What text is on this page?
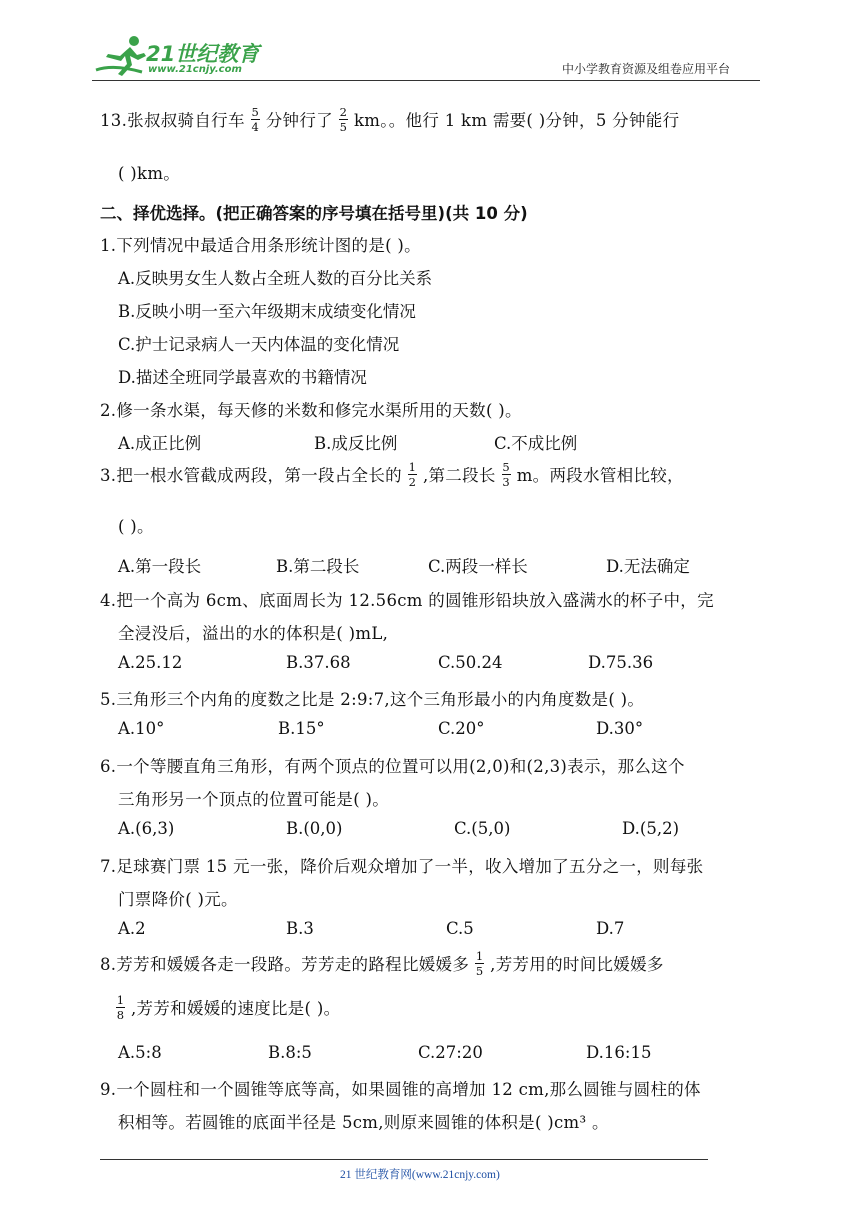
21世纪教育
www.21cnjy.com	中小学教育资源及组卷应用平台
13.张叔叔骑自行车 $\frac{5}{4}$ 分钟行了 $\frac{2}{5}$ km。。他行 1 km 需要( )分钟，5 分钟能行
( )km。
二、择优选择。(把正确答案的序号填在括号里)(共 10 分)
1.下列情况中最适合用条形统计图的是( )。
A.反映男女生人数占全班人数的百分比关系
B.反映小明一至六年级期末成绩变化情况
C.护士记录病人一天内体温的变化情况
D.描述全班同学最喜欢的书籍情况
2.修一条水渠，每天修的米数和修完水渠所用的天数( )。
A.成正比例	B.成反比例	C.不成比例
3.把一根水管截成两段，第一段占全长的 $\frac{1}{2}$ ,第二段长 $\frac{5}{3}$ m。两段水管相比较，
( )。
A.第一段长	B.第二段长	C.两段一样长	D.无法确定
4.把一个高为 6cm、底面周长为 12.56cm 的圆锥形铅块放入盛满水的杯子中，完
全浸没后，溢出的水的体积是( )mL,
A.25.12	B.37.68	C.50.24	D.75.36
5.三角形三个内角的度数之比是 2:9:7,这个三角形最小的内角度数是( )。
A.10°	B.15°	C.20°	D.30°
6.一个等腰直角三角形，有两个顶点的位置可以用(2,0)和(2,3)表示，那么这个
三角形另一个顶点的位置可能是( )。
A.(6,3)	B.(0,0)	C.(5,0)	D.(5,2)
7.足球赛门票 15 元一张，降价后观众增加了一半，收入增加了五分之一，则每张
门票降价( )元。
A.2	B.3	C.5	D.7
8.芳芳和媛媛各走一段路。芳芳走的路程比媛媛多 $\frac{1}{5}$ ,芳芳用的时间比媛媛多
$\frac{1}{8}$ ,芳芳和媛媛的速度比是( )。
A.5:8	B.8:5	C.27:20	D.16:15
9.一个圆柱和一个圆锥等底等高，如果圆锥的高增加 12 cm,那么圆锥与圆柱的体
积相等。若圆锥的底面半径是 5cm,则原来圆锥的体积是( )cm³ 。
21 世纪教育网(www.21cnjy.com)
